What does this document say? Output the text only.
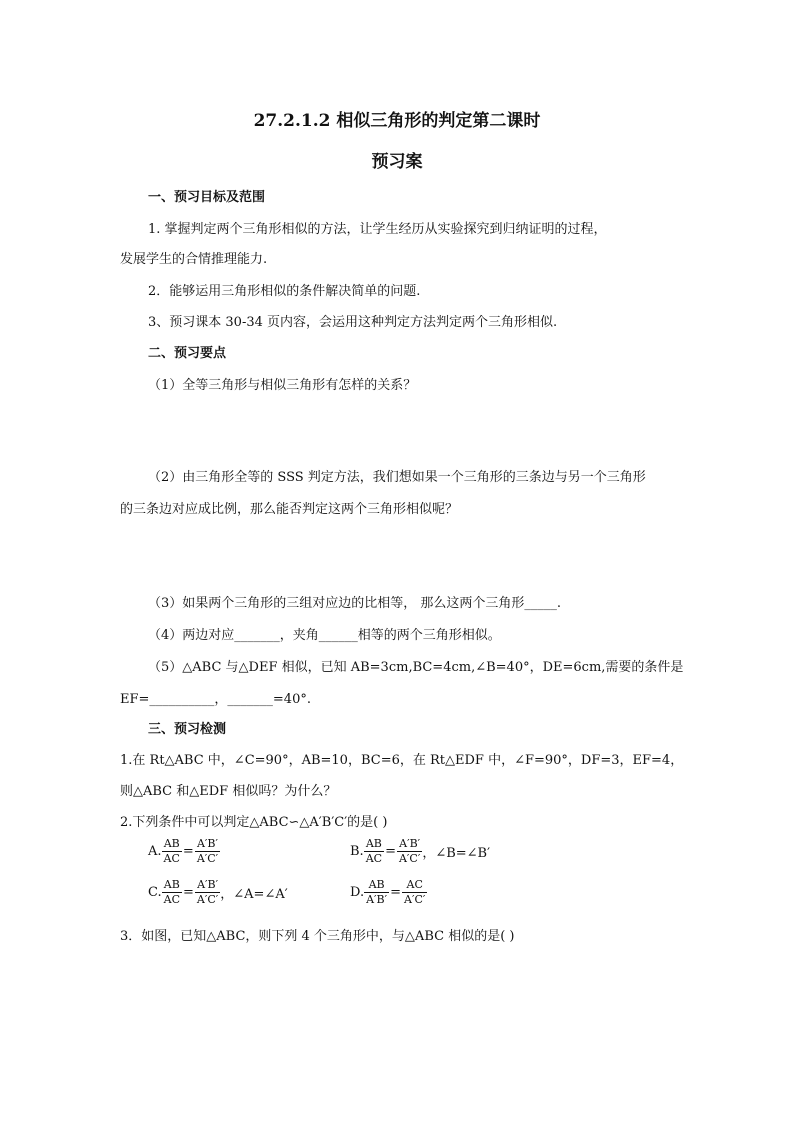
27.2.1.2 相似三角形的判定第二课时
预习案
一、预习目标及范围
1. 掌握判定两个三角形相似的方法，让学生经历从实验探究到归纳证明的过程，
发展学生的合情推理能力.
2．能够运用三角形相似的条件解决简单的问题.
3、预习课本 30-34 页内容，会运用这种判定方法判定两个三角形相似.
二、预习要点
（1）全等三角形与相似三角形有怎样的关系？
（2）由三角形全等的 SSS 判定方法，我们想如果一个三角形的三条边与另一个三角形
的三条边对应成比例，那么能否判定这两个三角形相似呢？
（3）如果两个三角形的三组对应边的比相等， 那么这两个三角形_____.
（4）两边对应_______，夹角______相等的两个三角形相似。
（5）△ABC 与△DEF 相似，已知 AB=3cm,BC=4cm,∠B=40°，DE=6cm,需要的条件是
EF=__________，_______=40°.
三、预习检测
1.在 Rt△ABC 中，∠C=90°，AB=10，BC=6，在 Rt△EDF 中，∠F=90°，DF=3，EF=4，
则△ABC 和△EDF 相似吗？为什么？
2.下列条件中可以判定△ABC∽△A′B′C′的是( )
A. $\frac{AB}{AC} = \frac{A'B'}{A'C'}$	B. $\frac{AB}{AC} = \frac{A'B'}{A'C'}$ ，∠B=∠B′
C. $\frac{AB}{AC} = \frac{A'B'}{A'C'}$ ，∠A=∠A′	D. $\frac{AB}{A'B'} = \frac{AC}{A'C'}$
3．如图，已知△ABC，则下列 4 个三角形中，与△ABC 相似的是( )
